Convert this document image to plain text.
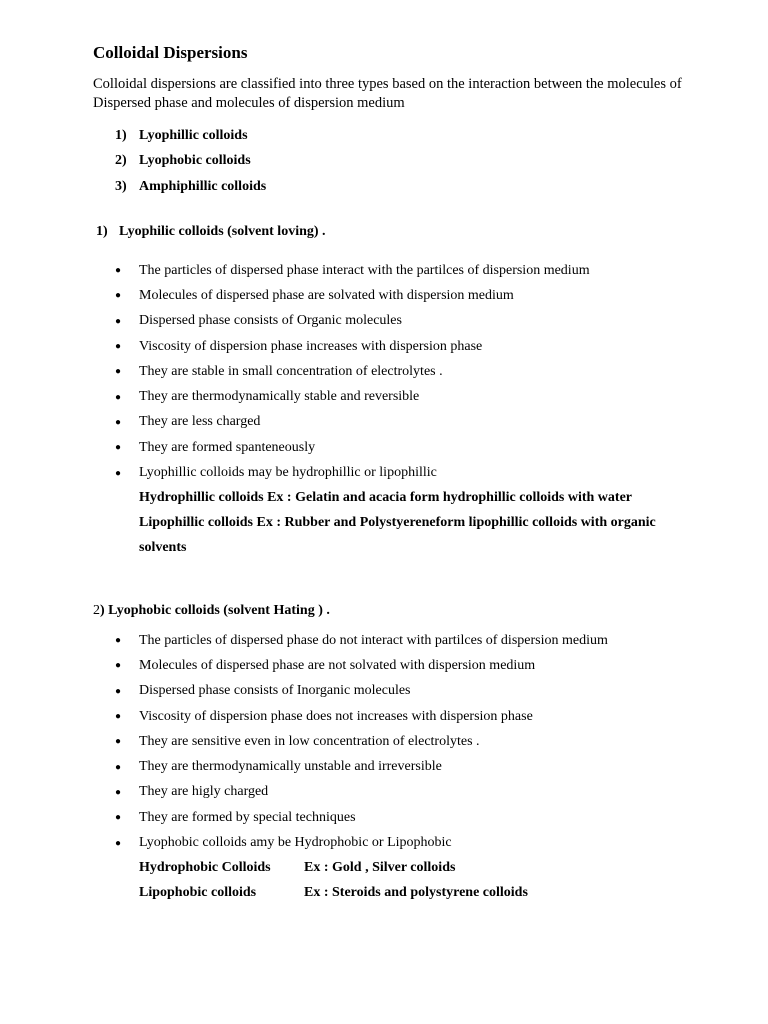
Colloidal Dispersions

Colloidal dispersions are classified into three types based on the interaction between the molecules of Dispersed phase and molecules of dispersion medium

1) Lyophillic colloids
2) Lyophobic colloids
3) Amphiphillic colloids
1) Lyophilic colloids (solvent loving) .
●	The particles of dispersed phase interact with the partilces of dispersion medium
●	Molecules of dispersed phase are solvated with dispersion medium
●	Dispersed phase consists of Organic molecules
●	Viscosity of dispersion phase increases with dispersion phase
●	They are stable in small concentration of electrolytes .
●	They are thermodynamically stable and reversible
●	They are less charged
●	They are formed spanteneously
●	Lyophillic colloids may be hydrophillic or lipophillic
Hydrophillic colloids Ex : Gelatin and acacia form hydrophillic colloids with water
Lipophillic colloids Ex : Rubber and Polystyereneform lipophillic colloids with organic
solvents
2) Lyophobic colloids (solvent Hating ) .
●	The particles of dispersed phase do not interact with partilces of dispersion medium
●	Molecules of dispersed phase are not solvated with dispersion medium
●	Dispersed phase consists of Inorganic molecules
●	Viscosity of dispersion phase does not increases with dispersion phase
●	They are sensitive even in low concentration of electrolytes .
●	They are thermodynamically unstable and irreversible
●	They are higly charged
●	They are formed by special techniques
●	Lyophobic colloids amy be Hydrophobic or Lipophobic
Hydrophobic Colloids	Ex : Gold , Silver colloids
Lipophobic colloids	Ex : Steroids and polystyrene colloids
